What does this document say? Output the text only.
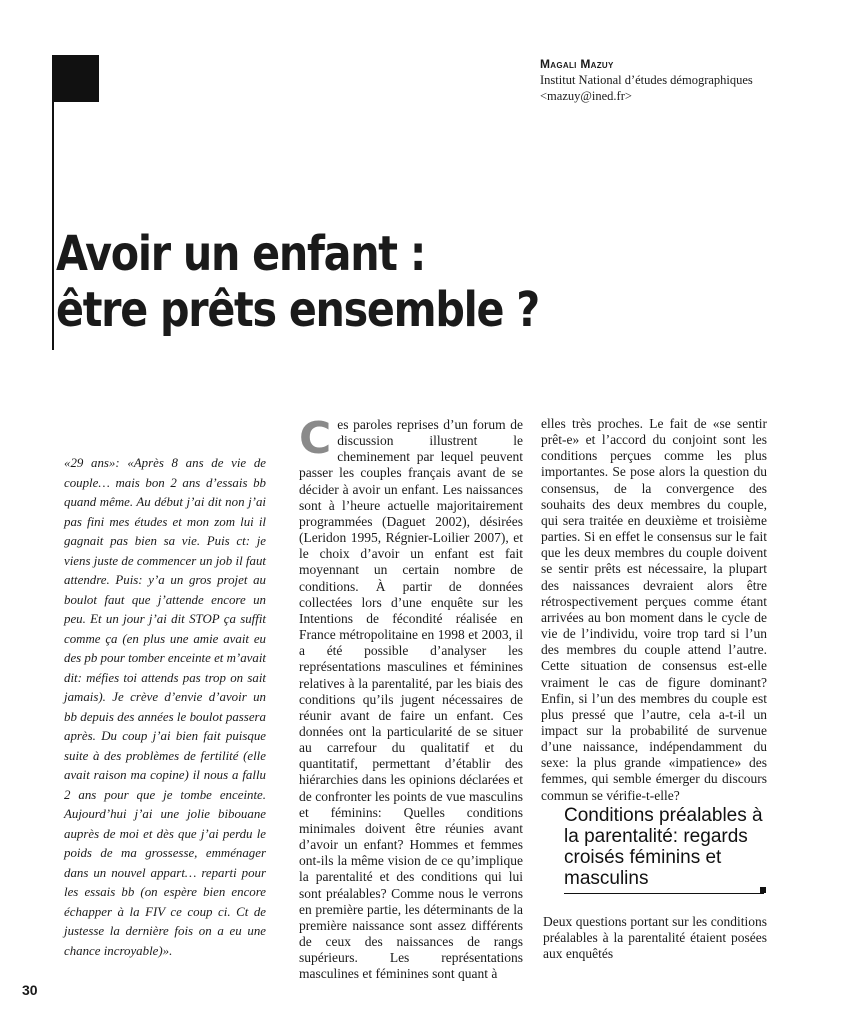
Magali Mazuy
Institut National d’études démographiques
<mazuy@ined.fr>
Avoir un enfant :
être prêts ensemble ?
«29 ans»: «Après 8 ans de vie de couple… mais bon 2 ans d’essais bb quand même. Au début j’ai dit non j’ai pas fini mes études et mon zom lui il gagnait pas bien sa vie. Puis ct: je viens juste de commencer un job il faut attendre. Puis: y’a un gros projet au boulot faut que j’attende encore un peu. Et un jour j’ai dit STOP ça suffit comme ça (en plus une amie avait eu des pb pour tomber enceinte et m’avait dit: méfies toi attends pas trop on sait jamais). Je crève d’envie d’avoir un bb depuis des années le boulot passera après. Du coup j’ai bien fait puisque suite à des problèmes de fertilité (elle avait raison ma copine) il nous a fallu 2 ans pour que je tombe enceinte. Aujourd’hui j’ai une jolie bibouane auprès de moi et dès que j’ai perdu le poids de ma grossesse, emménager dans un nouvel appart… reparti pour les essais bb (on espère bien encore échapper à la FIV ce coup ci. Ct de justesse la dernière fois on a eu une chance incroyable)».
C es paroles reprises d’un forum de discussion illustrent le cheminement par lequel peuvent passer les couples français avant de se décider à avoir un enfant. Les naissances sont à l’heure actuelle majoritairement programmées (Daguet 2002), désirées (Leridon 1995, Régnier-Loilier 2007), et le choix d’avoir un enfant est fait moyennant un certain nombre de conditions. À partir de données collectées lors d’une enquête sur les Intentions de fécondité réalisée en France métropolitaine en 1998 et 2003, il a été possible d’analyser les représentations masculines et féminines relatives à la parentalité, par les biais des conditions qu’ils jugent nécessaires de réunir avant de faire un enfant. Ces données ont la particularité de se situer au carrefour du qualitatif et du quantitatif, permettant d’établir des hiérarchies dans les opinions déclarées et de confronter les points de vue masculins et féminins: Quelles conditions minimales doivent être réunies avant d’avoir un enfant? Hommes et femmes ont-ils la même vision de ce qu’implique la parentalité et des conditions qui lui sont préalables? Comme nous le verrons en première partie, les déterminants de la première naissance sont assez différents de ceux des naissances de rangs supérieurs. Les représentations masculines et féminines sont quant à
elles très proches. Le fait de «se sentir prêt-e» et l’accord du conjoint sont les conditions perçues comme les plus importantes. Se pose alors la question du consensus, de la convergence des souhaits des deux membres du couple, qui sera traitée en deuxième et troisième parties. Si en effet le consensus sur le fait que les deux membres du couple doivent se sentir prêts est nécessaire, la plupart des naissances devraient alors être rétrospectivement perçues comme étant arrivées au bon moment dans le cycle de vie de l’individu, voire trop tard si l’un des membres du couple attend l’autre. Cette situation de consensus est-elle vraiment le cas de figure dominant? Enfin, si l’un des membres du couple est plus pressé que l’autre, cela a-t-il un impact sur la probabilité de survenue d’une naissance, indépendamment du sexe: la plus grande «impatience» des femmes, qui semble émerger du discours commun se vérifie-t-elle?
Conditions préalables à la parentalité: regards croisés féminins et masculins
Deux questions portant sur les conditions préalables à la parentalité étaient posées aux enquêtés
30
